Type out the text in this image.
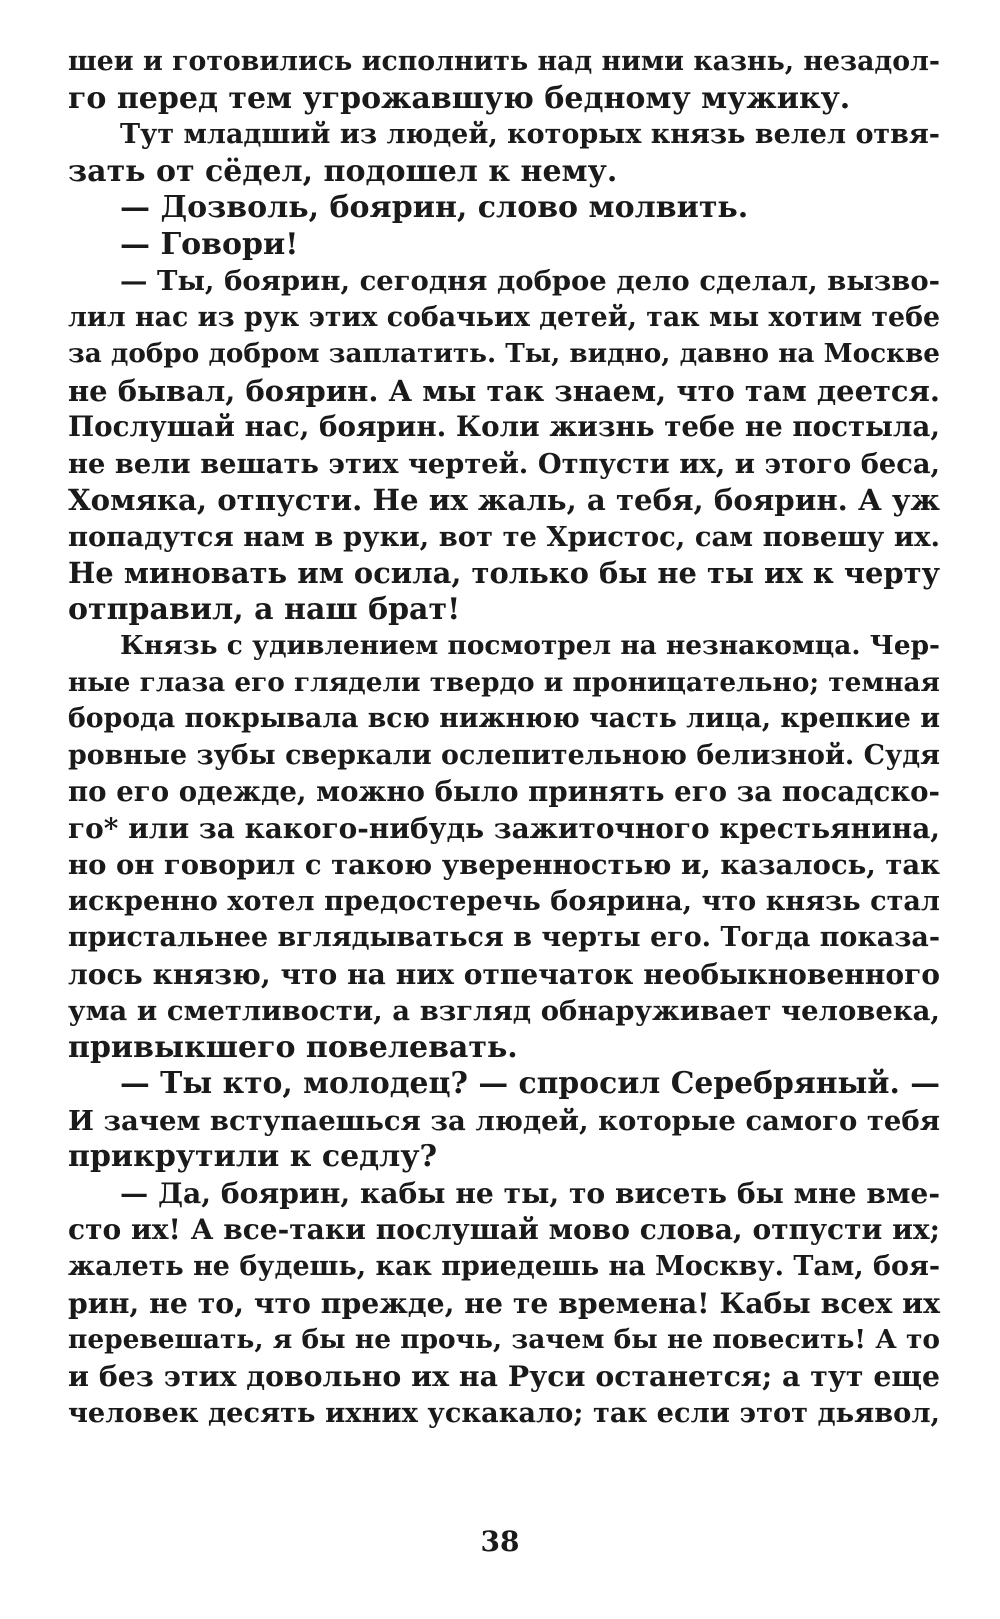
шеи и готовились исполнить над ними казнь, незадол-
го перед тем угрожавшую бедному мужику.
Тут младший из людей, которых князь велел отвя-
зать от сёдел, подошел к нему.
— Дозволь, боярин, слово молвить.
— Говори!
— Ты, боярин, сегодня доброе дело сделал, вызво-
лил нас из рук этих собачьих детей, так мы хотим тебе
за добро добром заплатить. Ты, видно, давно на Москве
не бывал, боярин. А мы так знаем, что там деется.
Послушай нас, боярин. Коли жизнь тебе не постыла,
не вели вешать этих чертей. Отпусти их, и этого беса,
Хомяка, отпусти. Не их жаль, а тебя, боярин. А уж
попадутся нам в руки, вот те Христос, сам повешу их.
Не миновать им осила, только бы не ты их к черту
отправил, а наш брат!
Князь с удивлением посмотрел на незнакомца. Чер-
ные глаза его глядели твердо и проницательно; темная
борода покрывала всю нижнюю часть лица, крепкие и
ровные зубы сверкали ослепительною белизной. Судя
по его одежде, можно было принять его за посадско-
го* или за какого-нибудь зажиточного крестьянина,
но он говорил с такою уверенностью и, казалось, так
искренно хотел предостеречь боярина, что князь стал
пристальнее вглядываться в черты его. Тогда показа-
лось князю, что на них отпечаток необыкновенного
ума и сметливости, а взгляд обнаруживает человека,
привыкшего повелевать.
— Ты кто, молодец? — спросил Серебряный. —
И зачем вступаешься за людей, которые самого тебя
прикрутили к седлу?
— Да, боярин, кабы не ты, то висеть бы мне вме-
сто их! А все-таки послушай мово слова, отпусти их;
жалеть не будешь, как приедешь на Москву. Там, боя-
рин, не то, что прежде, не те времена! Кабы всех их
перевешать, я бы не прочь, зачем бы не повесить! А то
и без этих довольно их на Руси останется; а тут еще
человек десять ихних ускакало; так если этот дьявол,
38
